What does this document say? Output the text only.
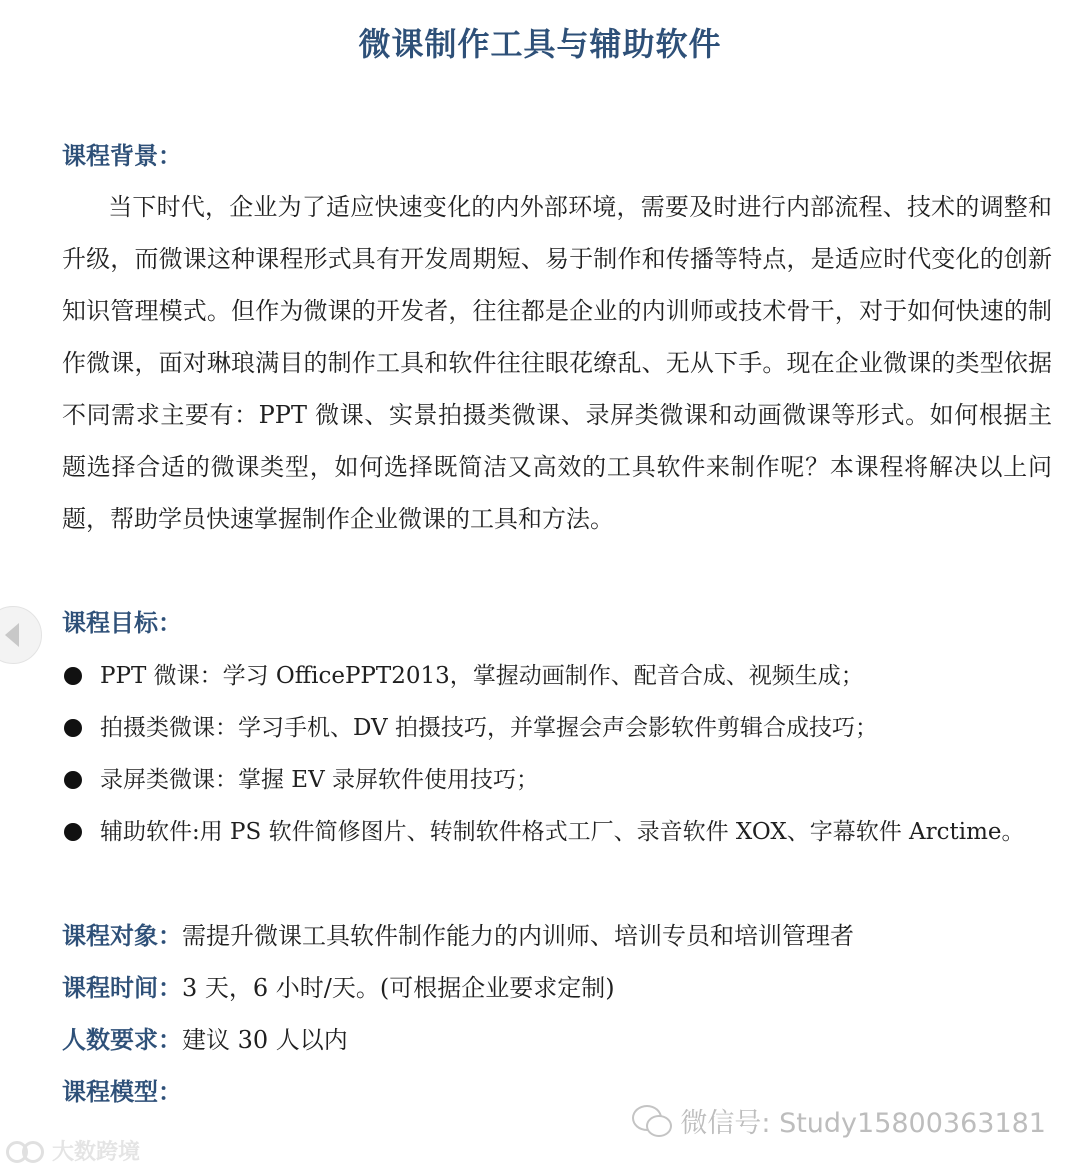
微课制作工具与辅助软件
课程背景：
当下时代，企业为了适应快速变化的内外部环境，需要及时进行内部流程、技术的调整和升级，而微课这种课程形式具有开发周期短、易于制作和传播等特点，是适应时代变化的创新知识管理模式。但作为微课的开发者，往往都是企业的内训师或技术骨干，对于如何快速的制作微课，面对琳琅满目的制作工具和软件往往眼花缭乱、无从下手。现在企业微课的类型依据不同需求主要有：PPT 微课、实景拍摄类微课、录屏类微课和动画微课等形式。如何根据主题选择合适的微课类型，如何选择既简洁又高效的工具软件来制作呢？本课程将解决以上问题，帮助学员快速掌握制作企业微课的工具和方法。
课程目标：
PPT 微课：学习 OfficePPT2013，掌握动画制作、配音合成、视频生成；
拍摄类微课：学习手机、DV 拍摄技巧，并掌握会声会影软件剪辑合成技巧；
录屏类微课：掌握 EV 录屏软件使用技巧；
辅助软件:用 PS 软件简修图片、转制软件格式工厂、录音软件 XOX、字幕软件 Arctime。
课程对象：需提升微课工具软件制作能力的内训师、培训专员和培训管理者
课程时间：3 天，6 小时/天。(可根据企业要求定制)
人数要求：建议 30 人以内
课程模型：
微信号: Study15800363181
大数跨境
